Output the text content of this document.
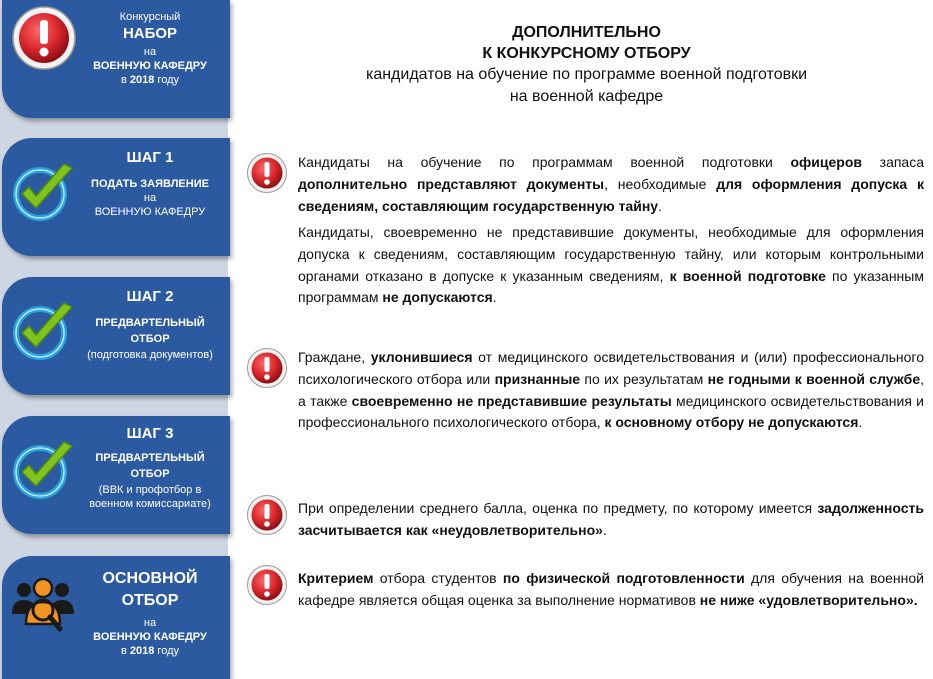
Конкурсный
НАБОР
на
ВОЕННУЮ КАФЕДРУ
в 2018 году
ШАГ 1
ПОДАТЬ ЗАЯВЛЕНИЕ
на
ВОЕННУЮ КАФЕДРУ
ШАГ 2
ПРЕДВАРТЕЛЬНЫЙ
ОТБОР
(подготовка документов)
ШАГ 3
ПРЕДВАРТЕЛЬНЫЙ
ОТБОР
(ВВК и профотбор в
военном комиссариате)
ОСНОВНОЙ
ОТБОР
на
ВОЕННУЮ КАФЕДРУ
в 2018 году
ДОПОЛНИТЕЛЬНО
К КОНКУРСНОМУ ОТБОРУ
кандидатов на обучение по программе военной подготовки
на военной кафедре
Кандидаты на обучение по программам военной подготовки офицеров запаса дополнительно представляют документы, необходимые для оформления допуска к сведениям, составляющим государственную тайну.
Кандидаты, своевременно не представившие документы, необходимые для оформления допуска к сведениям, составляющим государственную тайну, или которым контрольными органами отказано в допуске к указанным сведениям, к военной подготовке по указанным программам не допускаются.
Граждане, уклонившиеся от медицинского освидетельствования и (или) профессионального психологического отбора или признанные по их результатам не годными к военной службе, а также своевременно не представившие результаты медицинского освидетельствования и профессионального психологического отбора, к основному отбору не допускаются.
При определении среднего балла, оценка по предмету, по которому имеется задолженность засчитывается как «неудовлетворительно».
Критерием отбора студентов по физической подготовленности для обучения на военной кафедре является общая оценка за выполнение нормативов не ниже «удовлетворительно».
